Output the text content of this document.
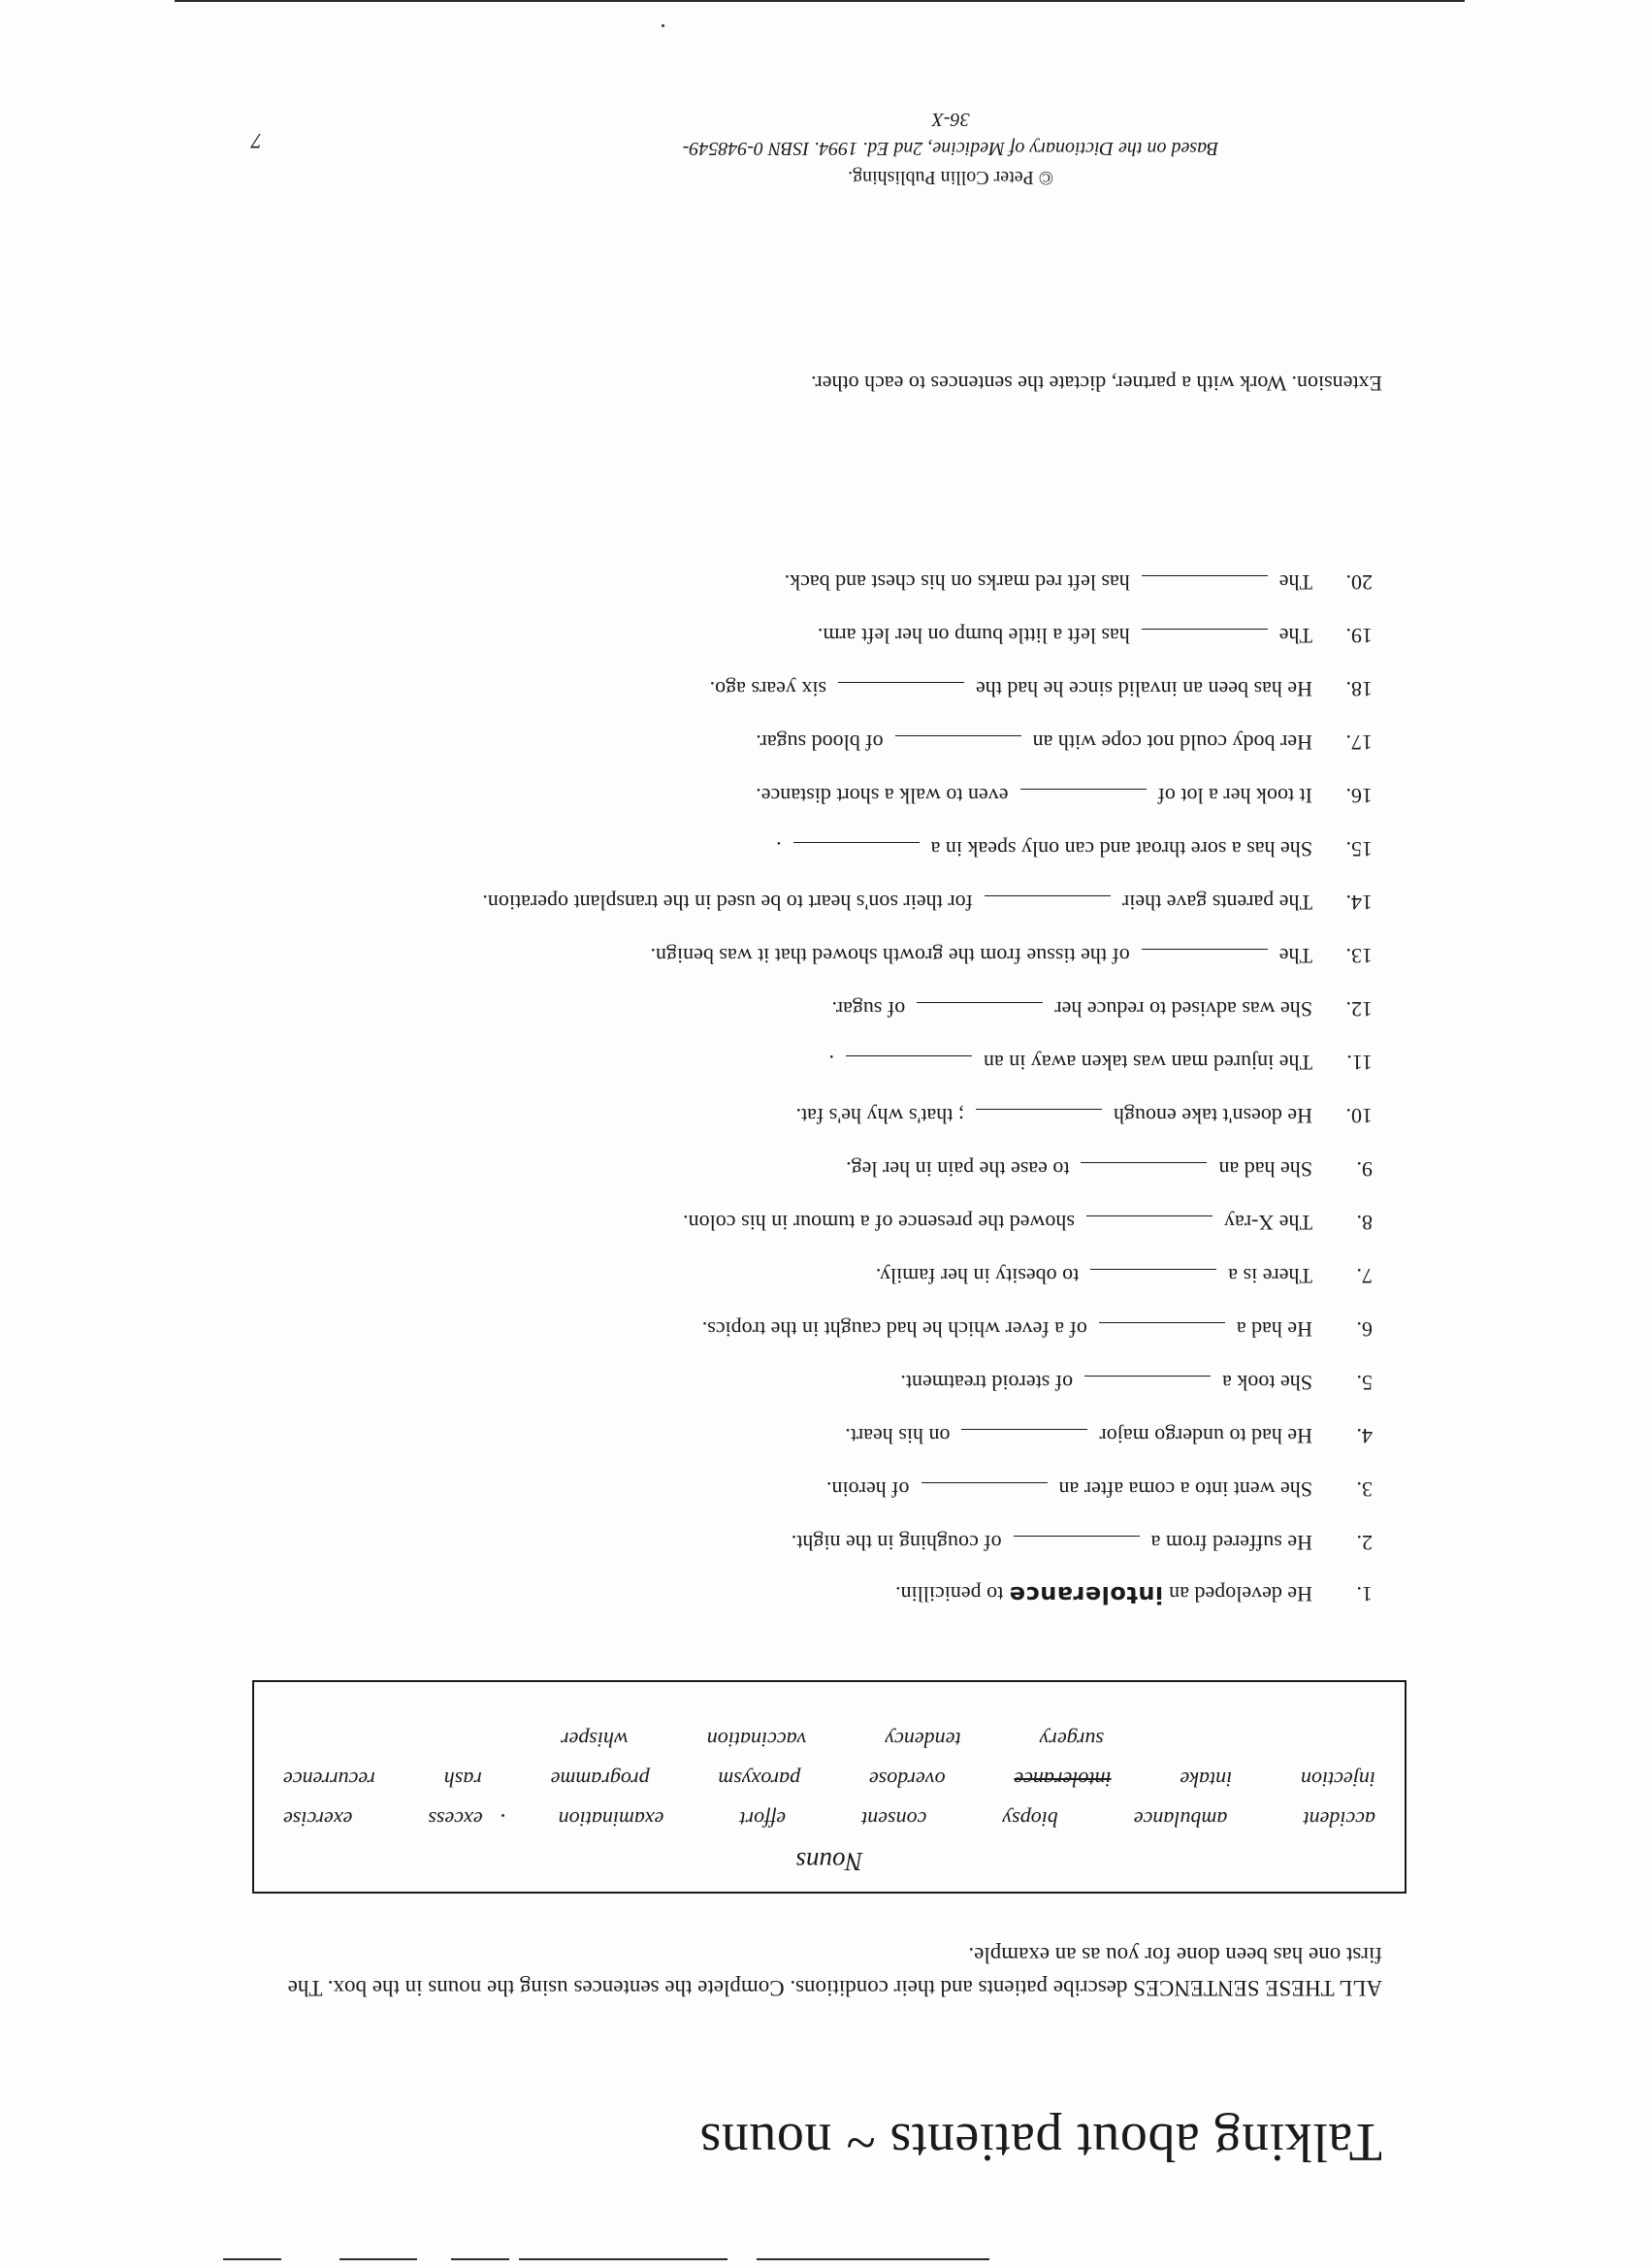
Talking about patients ~ nouns
ALL THESE SENTENCES describe patients and their conditions. Complete the sentences using the nouns in the box. The first one has been done for you as an example.
Nouns
accident
ambulance
biopsy
consent
effort
examination
excess
exercise
injection
intake
intolerance
overdose
paroxysm
programme
rash
recurrence
surgery
tendency
vaccination
whisper
1.
He developed an
intolerance
to penicillin.
2.
He suffered from a
of coughing in the night.
3.
She went into a coma after an
of heroin.
4.
He had to undergo major
on his heart.
5.
She took a
of steroid treatment.
6.
He had a
of a fever which he had caught in the tropics.
7.
There is a
to obesity in her family.
8.
The X-ray
showed the presence of a tumour in his colon.
9.
She had an
to ease the pain in her leg.
10.
He doesn't take enough
; that's why he's fat.
11.
The injured man was taken away in an
.
12.
She was advised to reduce her
of sugar.
13.
The
of the tissue from the growth showed that it was benign.
14.
The parents gave their
for their son's heart to be used in the transplant operation.
15.
She has a sore throat and can only speak in a
.
16.
It took her a lot of
even to walk a short distance.
17.
Her body could not cope with an
of blood sugar.
18.
He has been an invalid since he had the
six years ago.
19.
The
has left a little bump on her left arm.
20.
The
has left red marks on his chest and back.
Extension. Work with a partner, dictate the sentences to each other.
© Peter Collin Publishing.
Based on the Dictionary of Medicine, 2nd Ed. 1994. ISBN 0-948549-36-X
7
